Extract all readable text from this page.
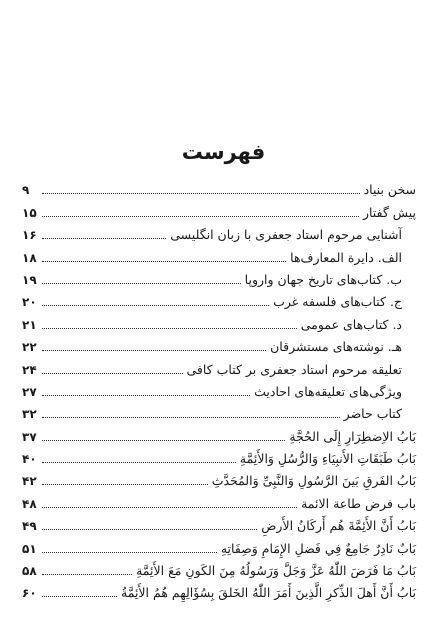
فهرست
سخن بنیاد
۹
پیش گفتار
۱۵
آشنایی مرحوم استاد جعفری با زبان انگلیسی
۱۶
الف. دایرة المعارف‌ها
۱۸
ب. کتاب‌های تاریخ جهان واروپا
۱۹
ج. کتاب‌های فلسفه غرب
۲۰
د. کتاب‌های عمومی
۲۱
هـ. نوشته‌های مستشرقان
۲۲
تعلیقه مرحوم استاد جعفری بر کتاب کافی
۲۴
ویژگی‌های تعلیقه‌های احادیث
۲۷
کتاب حاضر
۳۲
بَابُ الاِضطِرَارِ إِلَی الحُجَّةِ
۳۷
بَابُ طَبَقَاتِ الأَنبِیَاءِ وَالرُّسُلِ وَالأَئِمَّةِ
۴۰
بَابُ الفَرقِ بَینَ الرَّسُولِ وَالنَّبِیِّ وَالمُحَدَّثِ
۴۲
باب فرض طاعة الائمة
۴۸
بَابُ أَنَّ الأَئِمَّةَ هُم أَرکَانُ الأَرضِ
۴۹
بَابٌ نَادِرٌ جَامِعٌ فِي فَضلِ الإِمَامِ وَصِفَاتِهِ
۵۱
بَابُ مَا فَرَضَ اللّٰهُ عَزَّ وَجَلَّ وَرَسُولُهُ مِنَ الکَونِ مَعَ الأَئِمَّةِ
۵۸
بَابُ أَنَّ أَهلَ الذِّکرِ الَّذِینَ أَمَرَ اللّٰهُ الخَلقَ بِسُؤَالِهِم هُمُ الأَئِمَّةُ
۶۰
